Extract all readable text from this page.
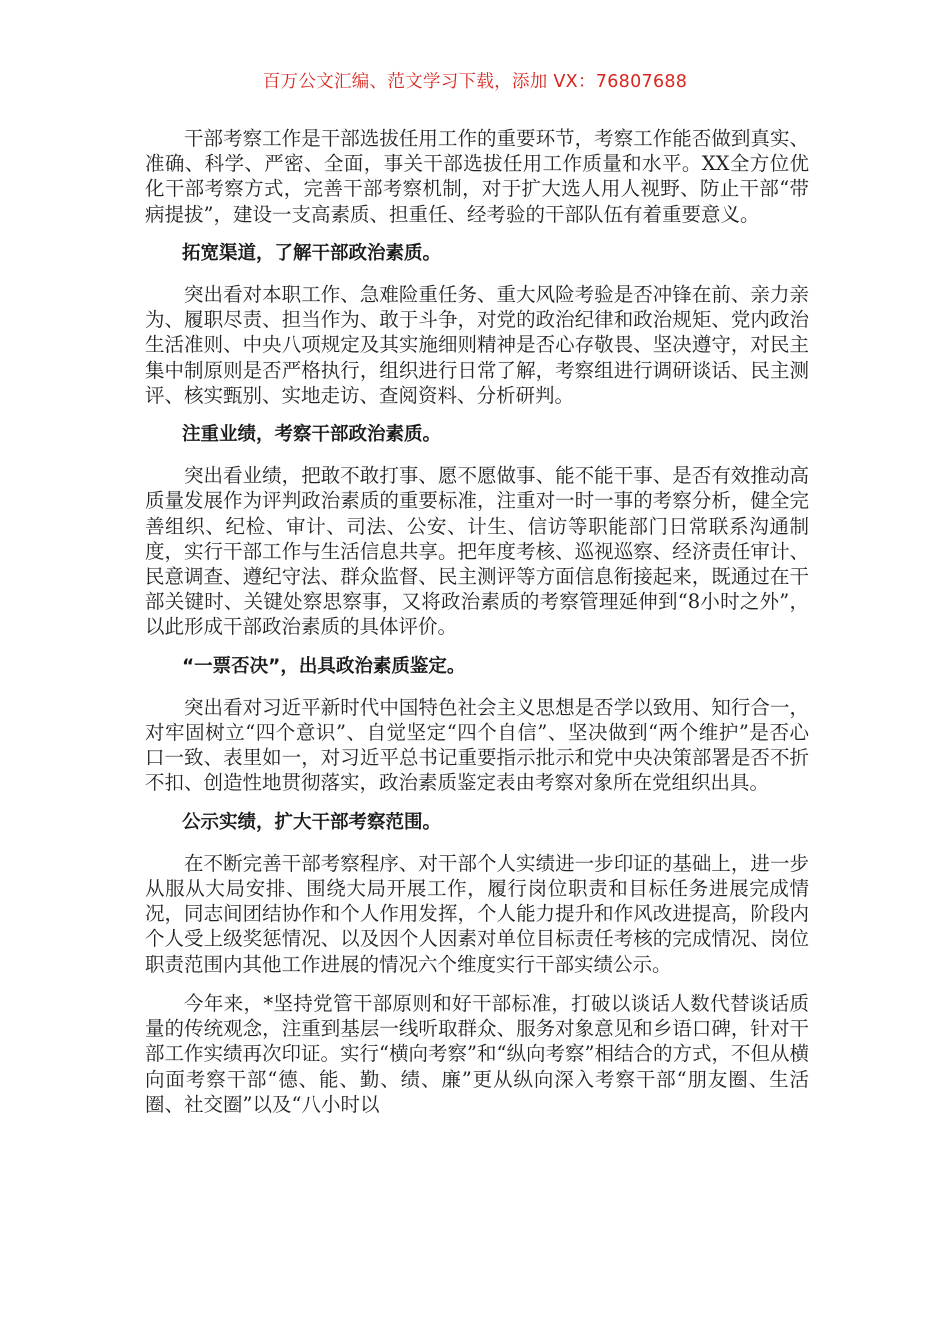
百万公文汇编、范文学习下载，添加 VX：76807688

干部考察工作是干部选拔任用工作的重要环节，考察工作能否做到真实、准确、科学、严密、全面，事关干部选拔任用工作质量和水平。XX全方位优化干部考察方式，完善干部考察机制，对于扩大选人用人视野、防止干部“带病提拔”，建设一支高素质、担重任、经考验的干部队伍有着重要意义。

拓宽渠道，了解干部政治素质。

突出看对本职工作、急难险重任务、重大风险考验是否冲锋在前、亲力亲为、履职尽责、担当作为、敢于斗争，对党的政治纪律和政治规矩、党内政治生活准则、中央八项规定及其实施细则精神是否心存敬畏、坚决遵守，对民主集中制原则是否严格执行，组织进行日常了解，考察组进行调研谈话、民主测评、核实甄别、实地走访、查阅资料、分析研判。

注重业绩，考察干部政治素质。

突出看业绩，把敢不敢打事、愿不愿做事、能不能干事、是否有效推动高质量发展作为评判政治素质的重要标准，注重对一时一事的考察分析，健全完善组织、纪检、审计、司法、公安、计生、信访等职能部门日常联系沟通制度，实行干部工作与生活信息共享。把年度考核、巡视巡察、经济责任审计、民意调查、遵纪守法、群众监督、民主测评等方面信息衔接起来，既通过在干部关键时、关键处察思察事，又将政治素质的考察管理延伸到“8小时之外”，以此形成干部政治素质的具体评价。

“一票否决”，出具政治素质鉴定。

突出看对习近平新时代中国特色社会主义思想是否学以致用、知行合一，对牢固树立“四个意识”、自觉坚定“四个自信”、坚决做到“两个维护”是否心口一致、表里如一，对习近平总书记重要指示批示和党中央决策部署是否不折不扣、创造性地贯彻落实，政治素质鉴定表由考察对象所在党组织出具。

公示实绩，扩大干部考察范围。

在不断完善干部考察程序、对干部个人实绩进一步印证的基础上，进一步从服从大局安排、围绕大局开展工作，履行岗位职责和目标任务进展完成情况，同志间团结协作和个人作用发挥，个人能力提升和作风改进提高，阶段内个人受上级奖惩情况、以及因个人因素对单位目标责任考核的完成情况、岗位职责范围内其他工作进展的情况六个维度实行干部实绩公示。

今年来，*坚持党管干部原则和好干部标准，打破以谈话人数代替谈话质量的传统观念，注重到基层一线听取群众、服务对象意见和乡语口碑，针对干部工作实绩再次印证。实行“横向考察”和“纵向考察”相结合的方式，不但从横向面考察干部“德、能、勤、绩、廉”更从纵向深入考察干部“朋友圈、生活圈、社交圈”以及“八小时以
